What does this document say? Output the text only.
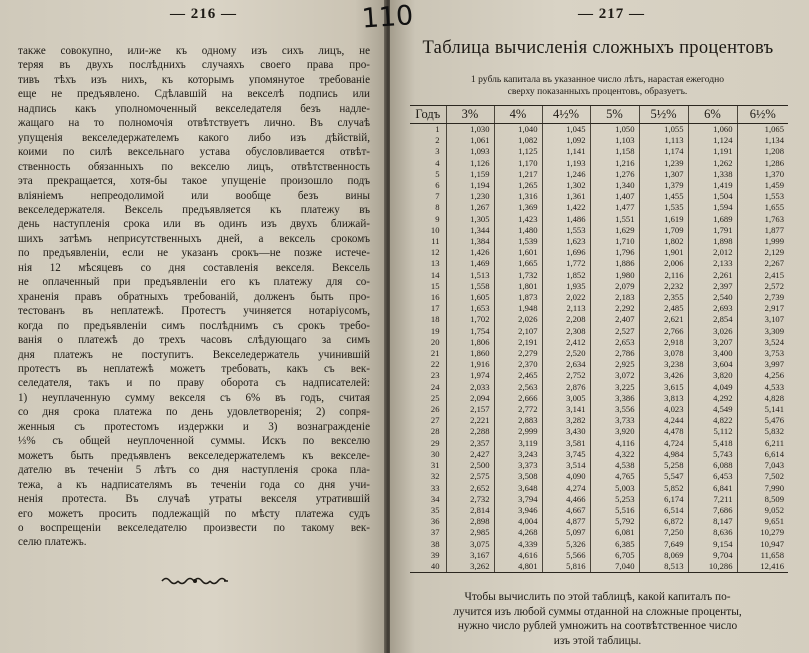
— 216 —
также совокупно, или-же къ одному изъ сихъ лицъ, не
теряя въ двухъ послѣднихъ случаяхъ своего права про-
тивъ тѣхъ изъ нихъ, къ которымъ упомянутое требованіе
еще не предъявлено. Сдѣлавшій на векселѣ подпись или
надпись какъ уполномоченный векселедателя безъ надле-
жащаго на то полномочія отвѣтствуетъ лично. Въ случаѣ
упущенія векселедержателемъ какого либо изъ дѣйствій,
коими по силѣ вексельнаго устава обусловливается отвѣт-
ственность обязанныхъ по векселю лицъ, отвѣтственность
эта прекращается, хотя-бы такое упущеніе произошло подъ
вліяніемъ непреодолимой или вообще безъ вины
векселедержателя. Вексель предъявляется къ платежу въ
день наступленія срока или въ одинъ изъ двухъ ближай-
шихъ затѣмъ неприсутственныхъ дней, а вексель срокомъ
по предъявленіи, если не указанъ срокъ—не позже истече-
нія 12 мѣсяцевъ со дня составленія векселя. Вексель
не оплаченный при предъявленіи его къ платежу для со-
храненія правъ обратныхъ требованій, долженъ быть про-
тестованъ въ неплатежѣ. Протестъ учиняется нотаріусомъ,
когда по предъявленіи симъ послѣднимъ съ срокъ требо-
ванія о платежѣ до трехъ часовъ слѣдующаго за симъ
дня платежъ не поступитъ. Векселедержатель учинившій
протестъ въ неплатежѣ можетъ требовать, какъ съ век-
селедателя, такъ и по праву оборота съ надписателей:
1) неуплаченную сумму векселя съ 6% въ годъ, считая
со дня срока платежа по день удовлетворенія; 2) сопря-
женныя съ протестомъ издержки и 3) вознагражденіе
⅓% съ общей неуплоченной суммы. Искъ по векселю
можетъ быть предъявленъ векселедержателемъ къ векселе-
дателю въ теченіи 5 лѣтъ со дня наступленія срока пла-
тежа, а къ надписателямъ въ теченіи года со дня учи-
ненія протеста. Въ случаѣ утраты векселя утратившій
его можетъ просить подлежащій по мѣсту платежа судъ
о воспрещеніи векселедателю произвести по такому век-
селю платежъ.
— 217 —
Таблица вычисленія сложныхъ процентовъ
1 рубль капитала въ указанное число лѣтъ, нарастая ежегодно
сверху показанныхъ процентовъ, образуетъ.
Годъ	3%	4%	4½%	5%	5½%	6%	6½%
1	1,030	1,040	1,045	1,050	1,055	1,060	1,065
2	1,061	1,082	1,092	1,103	1,113	1,124	1,134
3	1,093	1,125	1,141	1,158	1,174	1,191	1,208
4	1,126	1,170	1,193	1,216	1,239	1,262	1,286
5	1,159	1,217	1,246	1,276	1,307	1,338	1,370
6	1,194	1,265	1,302	1,340	1,379	1,419	1,459
7	1,230	1,316	1,361	1,407	1,455	1,504	1,553
8	1,267	1,369	1,422	1,477	1,535	1,594	1,655
9	1,305	1,423	1,486	1,551	1,619	1,689	1,763
10	1,344	1,480	1,553	1,629	1,709	1,791	1,877
11	1,384	1,539	1,623	1,710	1,802	1,898	1,999
12	1,426	1,601	1,696	1,796	1,901	2,012	2,129
13	1,469	1,665	1,772	1,886	2,006	2,133	2,267
14	1,513	1,732	1,852	1,980	2,116	2,261	2,415
15	1,558	1,801	1,935	2,079	2,232	2,397	2,572
16	1,605	1,873	2,022	2,183	2,355	2,540	2,739
17	1,653	1,948	2,113	2,292	2,485	2,693	2,917
18	1,702	2,026	2,208	2,407	2,621	2,854	3,107
19	1,754	2,107	2,308	2,527	2,766	3,026	3,309
20	1,806	2,191	2,412	2,653	2,918	3,207	3,524
21	1,860	2,279	2,520	2,786	3,078	3,400	3,753
22	1,916	2,370	2,634	2,925	3,238	3,604	3,997
23	1,974	2,465	2,752	3,072	3,426	3,820	4,256
24	2,033	2,563	2,876	3,225	3,615	4,049	4,533
25	2,094	2,666	3,005	3,386	3,813	4,292	4,828
26	2,157	2,772	3,141	3,556	4,023	4,549	5,141
27	2,221	2,883	3,282	3,733	4,244	4,822	5,476
28	2,288	2,999	3,430	3,920	4,478	5,112	5,832
29	2,357	3,119	3,581	4,116	4,724	5,418	6,211
30	2,427	3,243	3,745	4,322	4,984	5,743	6,614
31	2,500	3,373	3,514	4,538	5,258	6,088	7,043
32	2,575	3,508	4,090	4,765	5,547	6,453	7,502
33	2,652	3,648	4,274	5,003	5,852	6,841	7,990
34	2,732	3,794	4,466	5,253	6,174	7,211	8,509
35	2,814	3,946	4,667	5,516	6,514	7,686	9,052
36	2,898	4,004	4,877	5,792	6,872	8,147	9,651
37	2,985	4,268	5,097	6,081	7,250	8,636	10,279
38	3,075	4,339	5,326	6,385	7,649	9,154	10,947
39	3,167	4,616	5,566	6,705	8,069	9,704	11,658
40	3,262	4,801	5,816	7,040	8,513	10,286	12,416
Чтобы вычислить по этой таблицѣ, какой капиталъ по-
лучится изъ любой суммы отданной на сложные проценты,
нужно число рублей умножить на соотвѣтственное число
изъ этой таблицы.
110
